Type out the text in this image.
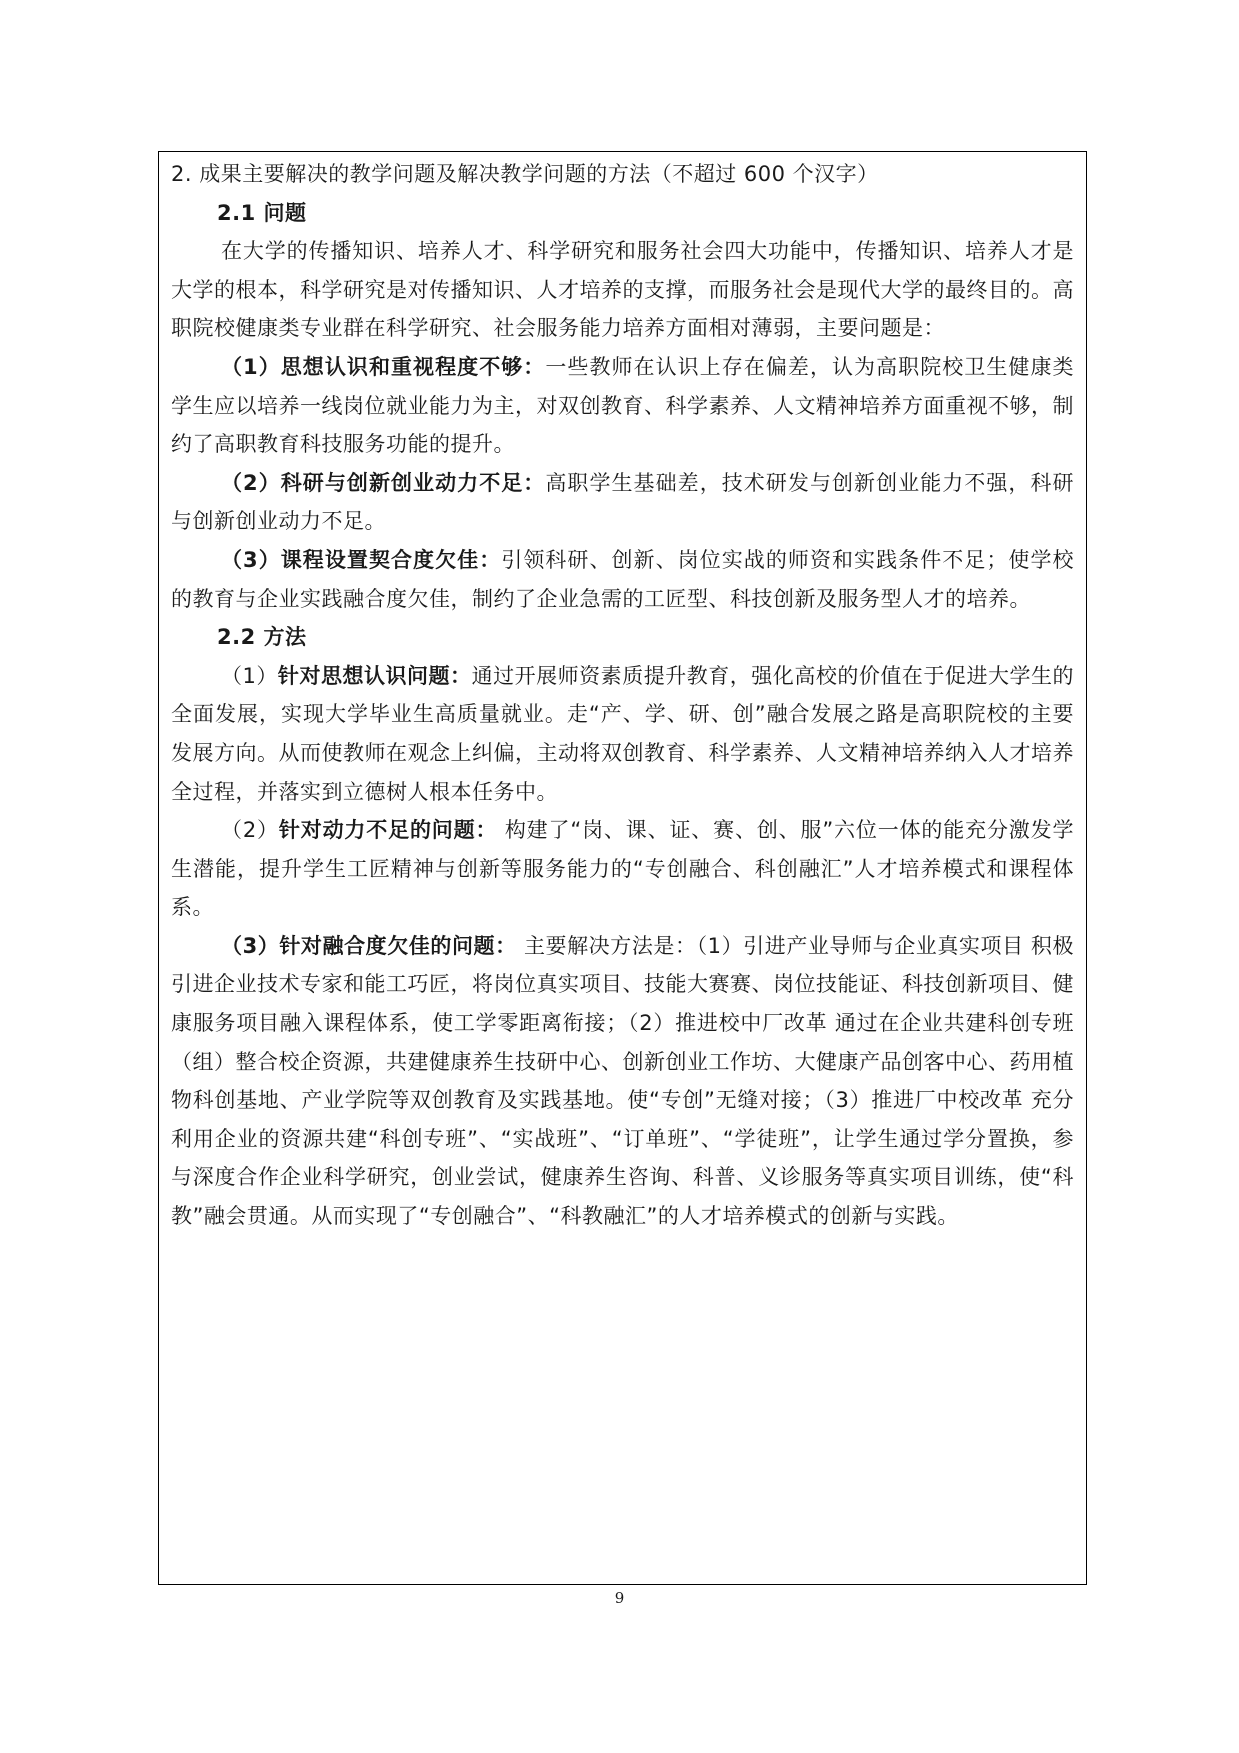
2. 成果主要解决的教学问题及解决教学问题的方法（不超过 600 个汉字）

2.1 问题

在大学的传播知识、培养人才、科学研究和服务社会四大功能中，传播知识、培养人才是大学的根本，科学研究是对传播知识、人才培养的支撑，而服务社会是现代大学的最终目的。高职院校健康类专业群在科学研究、社会服务能力培养方面相对薄弱，主要问题是：

（1）思想认识和重视程度不够：一些教师在认识上存在偏差，认为高职院校卫生健康类学生应以培养一线岗位就业能力为主，对双创教育、科学素养、人文精神培养方面重视不够，制约了高职教育科技服务功能的提升。

（2）科研与创新创业动力不足：高职学生基础差，技术研发与创新创业能力不强，科研与创新创业动力不足。

（3）课程设置契合度欠佳：引领科研、创新、岗位实战的师资和实践条件不足；使学校的教育与企业实践融合度欠佳，制约了企业急需的工匠型、科技创新及服务型人才的培养。

2.2 方法

（1）针对思想认识问题：通过开展师资素质提升教育，强化高校的价值在于促进大学生的全面发展，实现大学毕业生高质量就业。走“产、学、研、创”融合发展之路是高职院校的主要发展方向。从而使教师在观念上纠偏，主动将双创教育、科学素养、人文精神培养纳入人才培养全过程，并落实到立德树人根本任务中。

（2）针对动力不足的问题： 构建了“岗、课、证、赛、创、服”六位一体的能充分激发学生潜能，提升学生工匠精神与创新等服务能力的“专创融合、科创融汇”人才培养模式和课程体系。

（3）针对融合度欠佳的问题： 主要解决方法是：（1）引进产业导师与企业真实项目 积极引进企业技术专家和能工巧匠，将岗位真实项目、技能大赛赛、岗位技能证、科技创新项目、健康服务项目融入课程体系，使工学零距离衔接；（2）推进校中厂改革 通过在企业共建科创专班（组）整合校企资源，共建健康养生技研中心、创新创业工作坊、大健康产品创客中心、药用植物科创基地、产业学院等双创教育及实践基地。使“专创”无缝对接；（3）推进厂中校改革 充分利用企业的资源共建“科创专班”、“实战班”、“订单班”、“学徒班”，让学生通过学分置换，参与深度合作企业科学研究，创业尝试，健康养生咨询、科普、义诊服务等真实项目训练，使“科教”融会贯通。从而实现了“专创融合”、“科教融汇”的人才培养模式的创新与实践。

9
